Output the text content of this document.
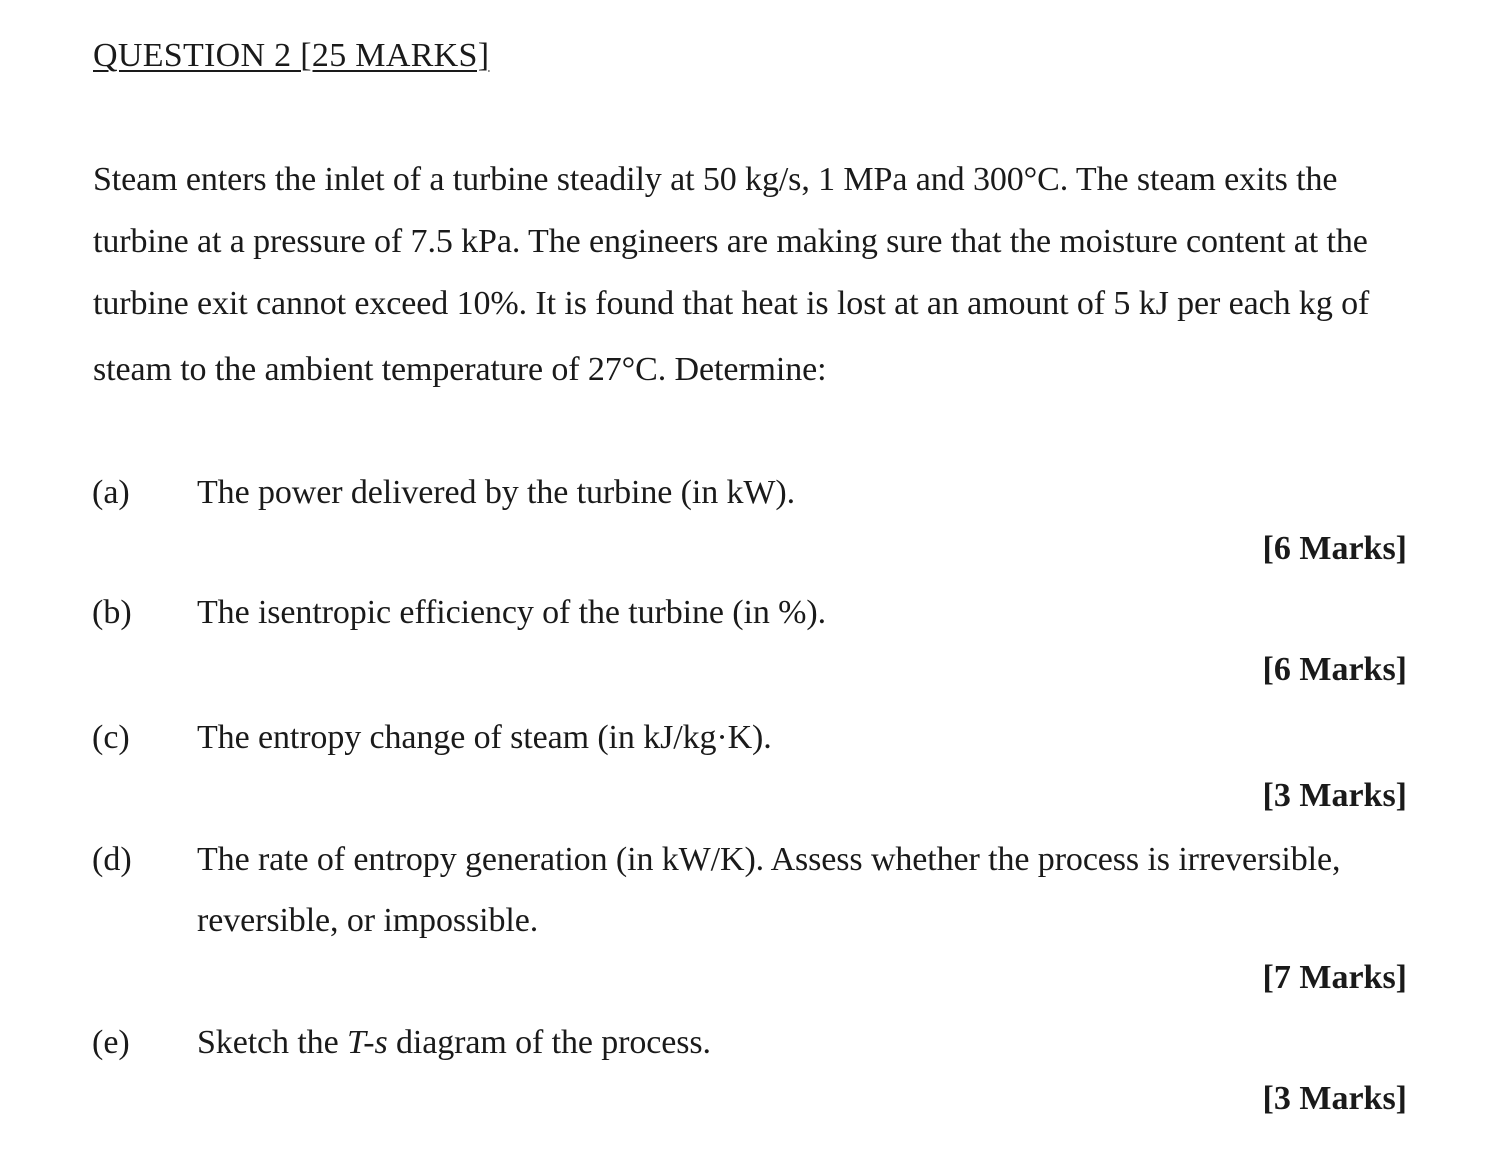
QUESTION 2 [25 MARKS]
Steam enters the inlet of a turbine steadily at 50 kg/s, 1 MPa and 300°C. The steam exits the
turbine at a pressure of 7.5 kPa. The engineers are making sure that the moisture content at the
turbine exit cannot exceed 10%. It is found that heat is lost at an amount of 5 kJ per each kg of
steam to the ambient temperature of 27°C. Determine:
(a) The power delivered by the turbine (in kW).
[6 Marks]
(b) The isentropic efficiency of the turbine (in %).
[6 Marks]
(c) The entropy change of steam (in kJ/kg·K).
[3 Marks]
(d) The rate of entropy generation (in kW/K). Assess whether the process is irreversible,
reversible, or impossible.
[7 Marks]
(e) Sketch the T-s diagram of the process.
[3 Marks]
